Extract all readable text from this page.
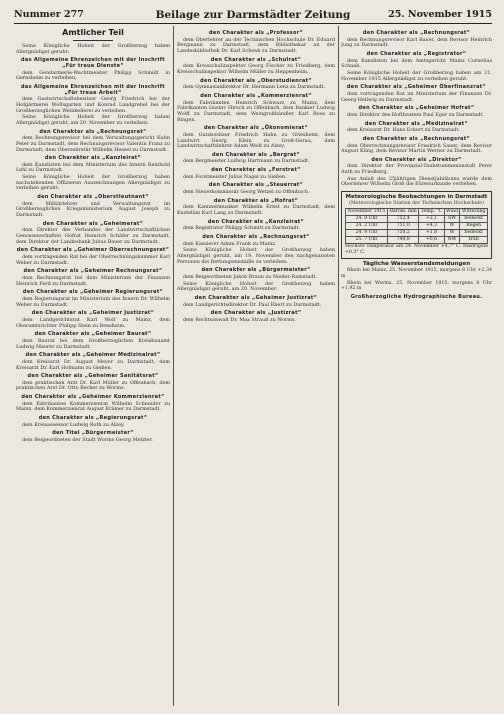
Nummer 277	Beilage zur Darmstädter Zeitung	25. November 1915
Amtlicher Teil
Seine Königliche Hoheit der Großherzog haben Allergnädigst geruht:
das Allgemeine Ehrenzeichen mit der Inschrift „Für treue Dienste“
dem Gendarmerie-Wachtmeister Philipp Schmidt in Gernsheim zu verleihen;
das Allgemeine Ehrenzeichen mit der Inschrift „Für treue Arbeit“
dem Gastwirtschaftsbesitzer Georg Friedrich bei der Hofgärtnerei Wolfsgarten und Konrad Landgrebel bei der Großherzoglichen Weinkellerei zu verleihen.
Seine Königliche Hoheit der Großherzog haben Allergnädigst geruht, am 20. November zu verleihen:
den Charakter als „Rechnungsrat“
dem Rechnungsrevisor bei dem Verwaltungsgericht Kuhn Peter zu Darmstadt, dem Rechnungsrevisor Valentin Franz zu Darmstadt, dem Obersekretär Wilhelm Hessel zu Darmstadt.
den Charakter als „Kanzleirat“
dem Kanzlisten bei dem Ministerium des Innern Reinhold Lehl zu Darmstadt.
Seine Königliche Hoheit der Großherzog haben nachstehenden Offizieren Auszeichnungen Allergnädigst zu verleihen geruht:
den Charakter als „Oberstleutnant“
dem Militärlehrer und Verwaltungsrat im Großherzoglichen Kriegsministerium August Joseph zu Darmstadt.
den Charakter als „Geheimerat“
dem Direktor des Verbandes der Landwirtschaftlichen Genossenschaften Hofrat Heinrich Schäfer zu Darmstadt, dem Direktor der Landesbank Julius Bauer zu Darmstadt.
den Charakter als „Geheimer Oberrechnungsrat“
dem vortragenden Rat bei der Oberrechnungskammer Karl Weber zu Darmstadt.
den Charakter als „Geheimer Rechnungsrat“
dem Rechnungsrat bei dem Ministerium der Finanzen Heinrich Ferd zu Darmstadt.
den Charakter als „Geheimer Regierungsrat“
dem Regierungsrat im Ministerium des Innern Dr. Wilhelm Weber zu Darmstadt.
den Charakter als „Geheimer Justizrat“
dem Landgerichtsrat Karl Wolf zu Mainz, dem Oberamtsrichter Philipp Stein zu Bensheim.
den Charakter als „Geheimer Baurat“
dem Baurat bei dem Großherzoglichen Kreisbauamt Ludwig Maurer zu Darmstadt.
den Charakter als „Geheimer Medizinalrat“
dem Kreisarzt Dr. August Meyer zu Darmstadt, dem Kreisarzt Dr. Karl Hofmann zu Gießen.
den Charakter als „Geheimer Sanitätsrat“
dem praktischen Arzt Dr. Karl Müller zu Offenbach, dem praktischen Arzt Dr. Otto Becker zu Worms.
den Charakter als „Geheimer Kommerzienrat“
dem Fabrikanten Kommerzienrat Wilhelm Schneider zu Mainz, dem Kommerzienrat August Krämer zu Darmstadt.
den Charakter als „Regierungsrat“
dem Kreisassessor Ludwig Roth zu Alzey.
den Titel „Bürgermeister“
dem Beigeordneten der Stadt Worms Georg Metzler.
den Charakter als „Professor“
dem Oberlehrer an der Technischen Hochschule Dr. Eduard Bergmann zu Darmstadt, dem Bibliothekar an der Landesbibliothek Dr. Karl Schenk zu Darmstadt.
den Charakter als „Schulrat“
dem Kreisschulinspektor Georg Fischer zu Friedberg, dem Kreisschulinspektor Wilhelm Müller zu Heppenheim.
den Charakter als „Oberstudienrat“
dem Gymnasialdirektor Dr. Hermann Lenz zu Darmstadt.
den Charakter als „Kommerzienrat“
dem Fabrikanten Heinrich Schwarz zu Mainz, dem Fabrikanten Gustav Hirsch zu Offenbach, dem Bankier Ludwig Wolff zu Darmstadt, dem Weingroßhändler Karl Roos zu Bingen.
den Charakter als „Ökonomierat“
dem Gutsbesitzer Friedrich Hahn zu Griesheim, dem Landwirt Georg Klein zu Groß-Gerau, dem Landwirtschaftslehrer Adam Weiß zu Alzey.
den Charakter als „Bergrat“
dem Bergmeister Ludwig Hartmann zu Darmstadt.
den Charakter als „Forstrat“
dem Forstmeister Julius Nagel zu Gießen.
den Charakter als „Steuerrat“
dem Steuerkommissär Georg Wetzel zu Offenbach.
den Charakter als „Hofrat“
dem Kammermusiker Wilhelm Ernst zu Darmstadt, dem Kastellan Karl Lang zu Darmstadt.
den Charakter als „Kanzleirat“
dem Registrator Philipp Schmitt zu Darmstadt.
den Charakter als „Rechnungsrat“
dem Kassierer Adam Frank zu Mainz.
Seine Königliche Hoheit der Großherzog haben Allergnädigst geruht, am 19. November den nachgenannten Personen die Rettungsmedaille zu verleihen.
den Charakter als „Bürgermeister“
dem Beigeordneten Jakob Braun zu Nieder-Ramstadt.
Seine Königliche Hoheit der Großherzog haben Allergnädigst geruht, am 20. November:
den Charakter als „Geheimer Justizrat“
dem Landgerichtsdirektor Dr. Paul Ebert zu Darmstadt.
den Charakter als „Justizrat“
dem Rechtsanwalt Dr. Max Strauß zu Worms.
den Charakter als „Rechnungsrat“
dem Rechnungsrevisor Karl Bauer, dem Revisor Heinrich Jung zu Darmstadt.
den Charakter als „Registrator“
dem Kanzlisten bei dem Amtsgericht Mainz Cornelius Schaab.
Seine Königliche Hoheit der Großherzog haben am 21. November 1915 Allergnädigst zu verleihen geruht:
den Charakter als „Geheimer Oberfinanzrat“
dem vortragenden Rat im Ministerium der Finanzen Dr. Georg Hellwig zu Darmstadt.
den Charakter als „Geheimer Hofrat“
dem Direktor des Hoftheaters Paul Eger zu Darmstadt.
den Charakter als „Medizinalrat“
dem Kreisarzt Dr. Hans Eckert zu Darmstadt.
den Charakter als „Rechnungsrat“
dem Oberrechnungsrevisor Friedrich Sauer, dem Revisor August Kling, dem Revisor Martin Werner zu Darmstadt.
den Charakter als „Direktor“
dem Direktor der Provinzial-Taubstummenanstalt Peter Auth zu Friedberg.
Aus Anlaß des 25jährigen Dienstjubiläums wurde dem Oberlehrer Wilhelm Groß die Ehrenurkunde verliehen.
Meteorologische Beobachtungen in Darmstadt
(Meteorologische Station der Technischen Hochschule)
November 1915	Barom. mm	Temp. °C	Wind	Witterung
24. 9 Uhr	752,4	+2,1	SW	bedeckt
24. 2 Uhr	751,0	+4,3	W	Regen
24. 9 Uhr	750,2	+1,8	W	bedeckt
25. 7 Uhr	749,8	+0,6	NW	trüb
Höchste Temperatur am 24. November +4,7° C. Niedrigste +0,3° C.
Tägliche Wasserstandsmeldungen
Rhein bei Mainz, 25. November 1915, morgens 8 Uhr +2,34 m
Rhein bei Worms, 25. November 1915, morgens 8 Uhr +1,92 m
Großherzogliche Hydrographische Bureau.
